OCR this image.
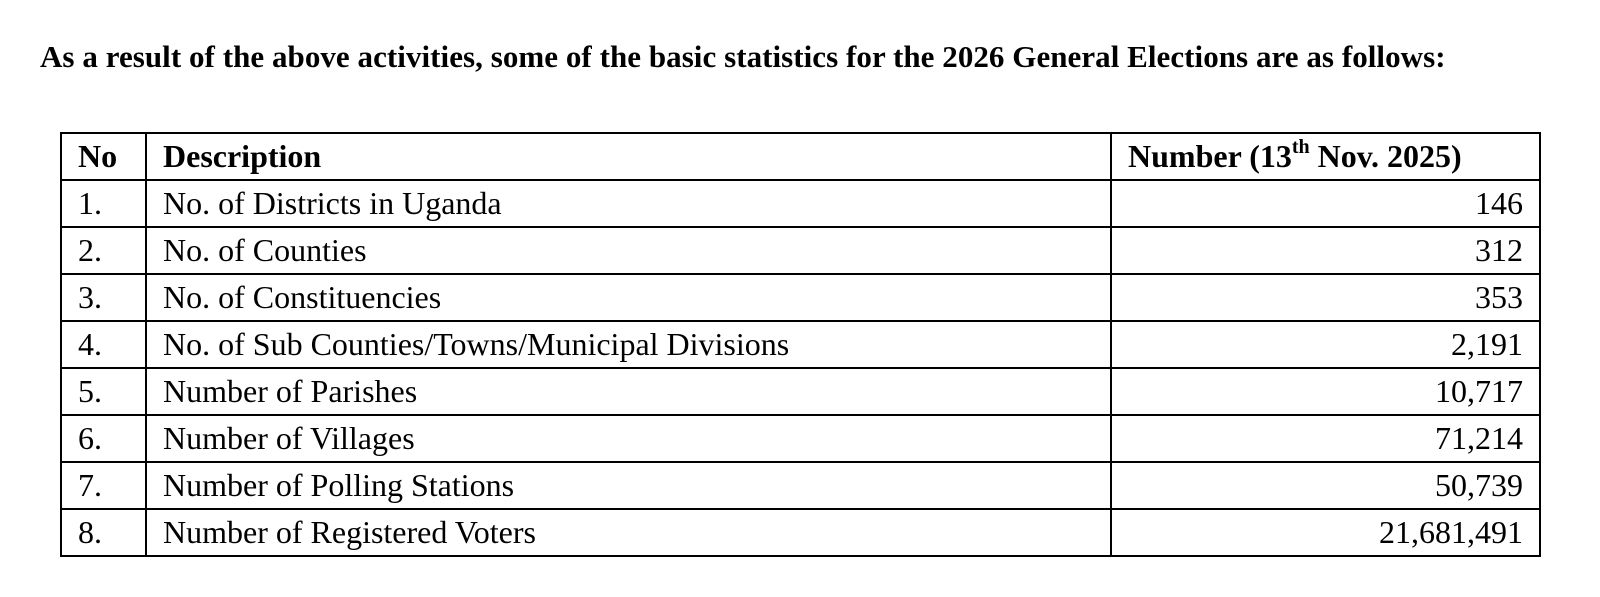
As a result of the above activities, some of the basic statistics for the 2026 General Elections are as follows:

No	Description	Number (13th Nov. 2025)
1.	No. of Districts in Uganda	146
2.	No. of Counties	312
3.	No. of Constituencies	353
4.	No. of Sub Counties/Towns/Municipal Divisions	2,191
5.	Number of Parishes	10,717
6.	Number of Villages	71,214
7.	Number of Polling Stations	50,739
8.	Number of Registered Voters	21,681,491
